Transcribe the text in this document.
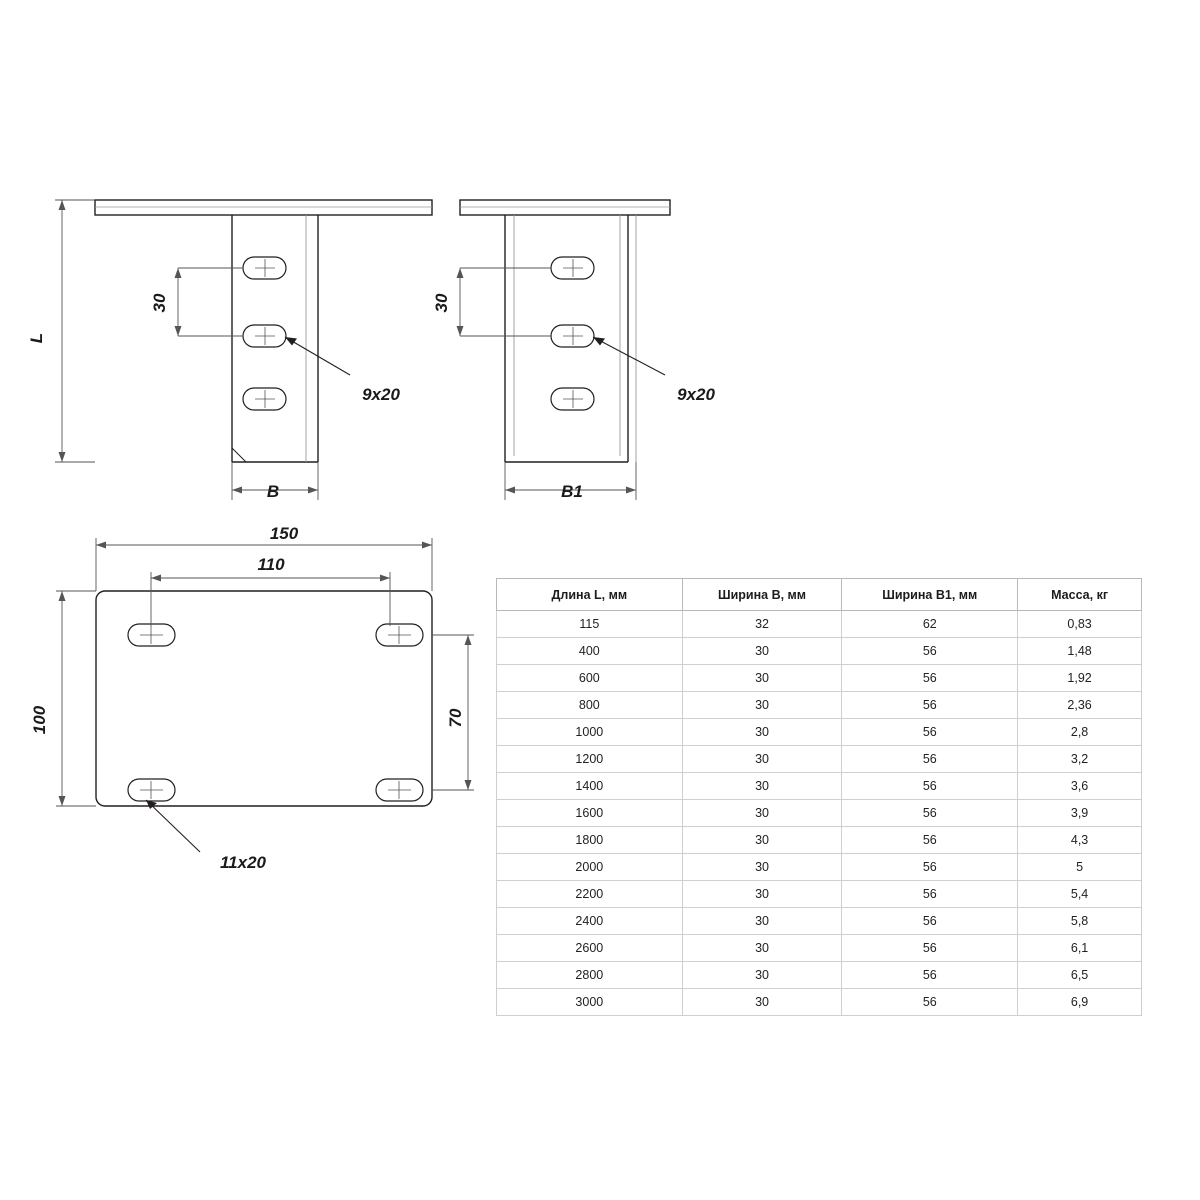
L
30
B
9x20
30
B1
9x20
150
110
100	70
11x20
Длина L, мм	Ширина B, мм	Ширина B1, мм	Масса, кг
115	32	62	0,83
400	30	56	1,48
600	30	56	1,92
800	30	56	2,36
1000	30	56	2,8
1200	30	56	3,2
1400	30	56	3,6
1600	30	56	3,9
1800	30	56	4,3
2000	30	56	5
2200	30	56	5,4
2400	30	56	5,8
2600	30	56	6,1
2800	30	56	6,5
3000	30	56	6,9
